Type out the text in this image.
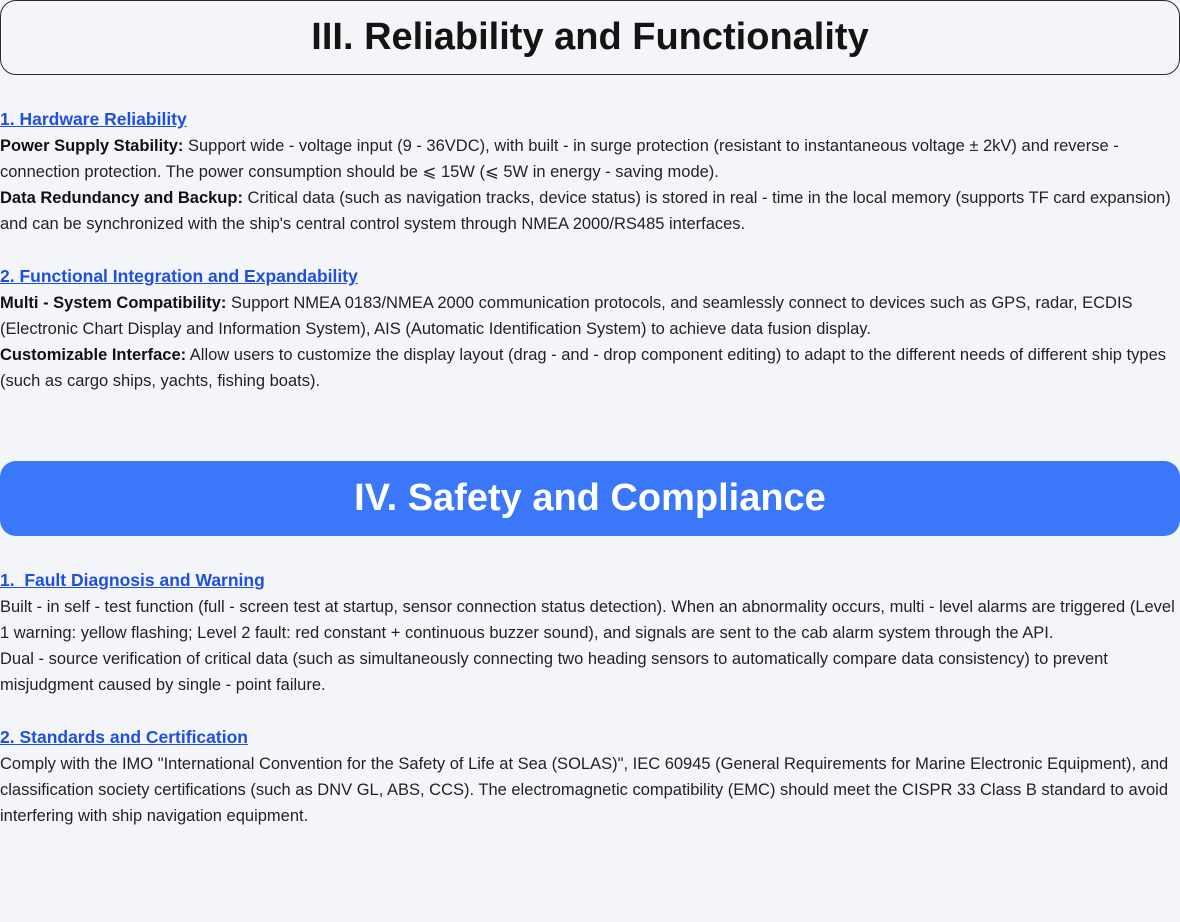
III. Reliability and Functionality
1. Hardware Reliability

Power Supply Stability: Support wide - voltage input (9 - 36VDC), with built - in surge protection (resistant to instantaneous voltage ± 2kV) and reverse - connection protection. The power consumption should be ⩽ 15W (⩽ 5W in energy - saving mode).

Data Redundancy and Backup: Critical data (such as navigation tracks, device status) is stored in real - time in the local memory (supports TF card expansion) and can be synchronized with the ship's central control system through NMEA 2000/RS485 interfaces.

2. Functional Integration and Expandability

Multi - System Compatibility: Support NMEA 0183/NMEA 2000 communication protocols, and seamlessly connect to devices such as GPS, radar, ECDIS (Electronic Chart Display and Information System), AIS (Automatic Identification System) to achieve data fusion display.

Customizable Interface: Allow users to customize the display layout (drag - and - drop component editing) to adapt to the different needs of different ship types (such as cargo ships, yachts, fishing boats).

IV. Safety and Compliance
1.  Fault Diagnosis and Warning

Built - in self - test function (full - screen test at startup, sensor connection status detection). When an abnormality occurs, multi - level alarms are triggered (Level 1 warning: yellow flashing; Level 2 fault: red constant + continuous buzzer sound), and signals are sent to the cab alarm system through the API.

Dual - source verification of critical data (such as simultaneously connecting two heading sensors to automatically compare data consistency) to prevent misjudgment caused by single - point failure.

2. Standards and Certification

Comply with the IMO "International Convention for the Safety of Life at Sea (SOLAS)", IEC 60945 (General Requirements for Marine Electronic Equipment), and classification society certifications (such as DNV GL, ABS, CCS). The electromagnetic compatibility (EMC) should meet the CISPR 33 Class B standard to avoid interfering with ship navigation equipment.
